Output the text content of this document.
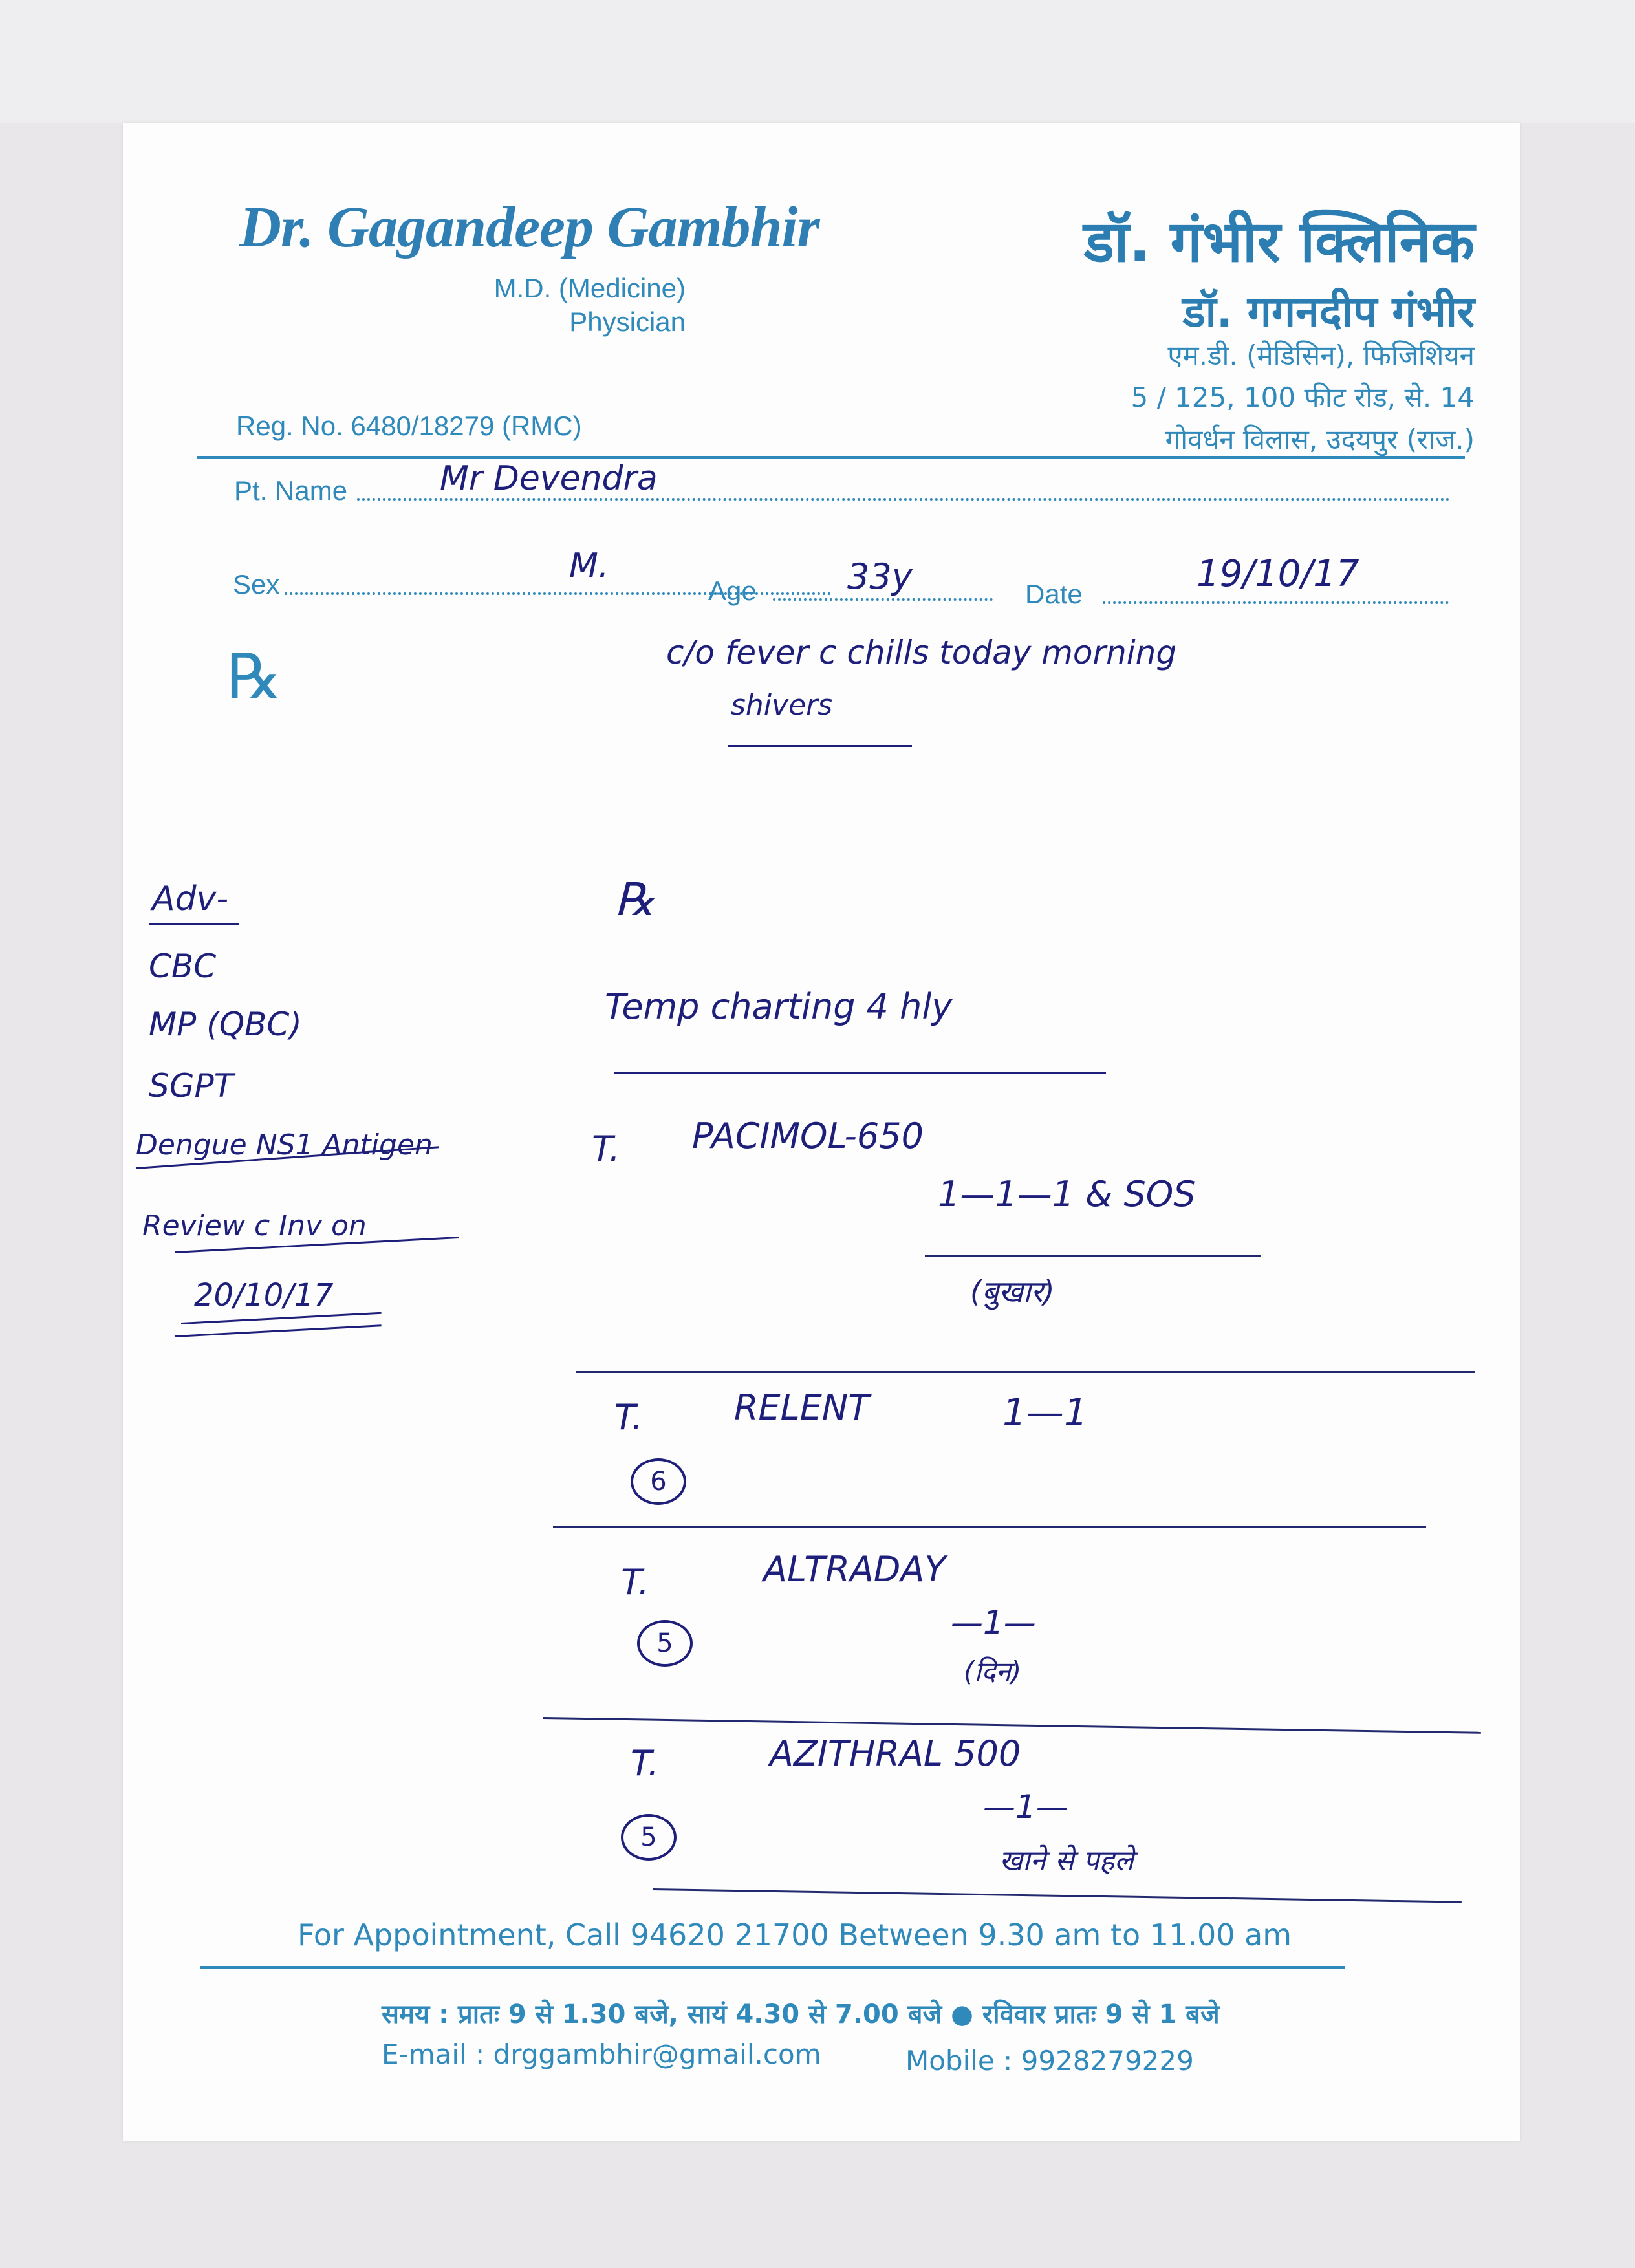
Dr. Gagandeep Gambhir
M.D. (Medicine)
Physician
डॉ. गंभीर क्लिनिक
डॉ. गगनदीप गंभीर
एम.डी. (मेडिसिन), फिजिशियन
5 / 125, 100 फीट रोड, से. 14
गोवर्धन विलास, उदयपुर (राज.)
Reg. No. 6480/18279 (RMC)
Pt. Name	Mr Devendra
Sex	M.
Age	33y	Date	19/10/17
℞	c/o fever c chills today morning
shivers
Adv-
CBC
MP (QBC)
SGPT
Dengue NS1 Antigen
Review c Inv on
20/10/17
℞
Temp charting 4 hly
T. PACIMOL-650
1—1—1 & SOS
(बुखार)
T.	RELENT	1—1
6
T.	ALTRADAY
—1—
(दिन)
5
T.	AZITHRAL 500
—1—
खाने से पहले
5
For Appointment, Call 94620 21700 Between 9.30 am to 11.00 am
समय : प्रातः 9 से 1.30 बजे, सायं 4.30 से 7.00 बजे ● रविवार प्रातः 9 से 1 बजे
E-mail : drggambhir@gmail.com	Mobile : 9928279229
